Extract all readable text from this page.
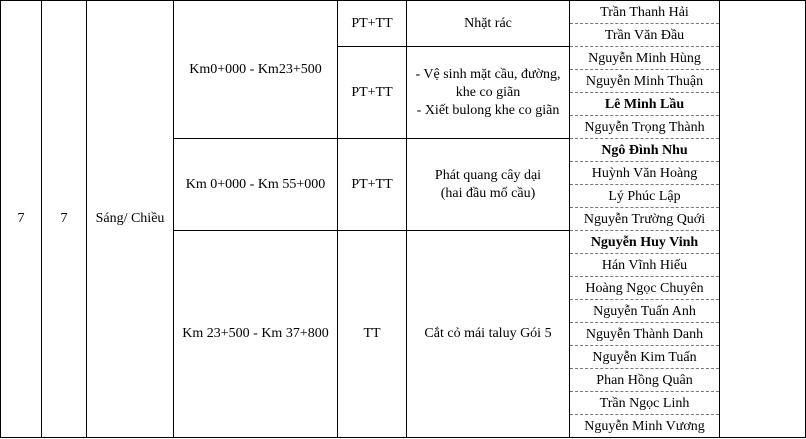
7	7	Sáng/ Chiều	Km0+000 - Km23+500	PT+TT	Nhặt rác	Trần Thanh Hải	
						Trần Văn Đầu	
				PT+TT	- Vệ sinh mặt cầu, đường,
khe co giãn
- Xiết bulong khe co giãn	Nguyễn Minh Hùng	
						Nguyễn Minh Thuận	
						Lê Minh Lầu	
						Nguyễn Trọng Thành	
			Km 0+000 - Km 55+000	PT+TT	Phát quang cây dại
(hai đầu mố cầu)	Ngô Đình Nhu	
						Huỳnh Văn Hoàng	
						Lý Phúc Lập	
						Nguyễn Trường Quới	
			Km 23+500 - Km 37+800	TT	Cắt cỏ mái taluy Gói 5	Nguyễn Huy Vinh	
						Hán Vĩnh Hiếu	
						Hoàng Ngọc Chuyên	
						Nguyễn Tuấn Anh	
						Nguyễn Thành Danh	
						Nguyễn Kim Tuấn	
						Phan Hồng Quân	
						Trần Ngọc Linh	
						Nguyễn Minh Vương	
